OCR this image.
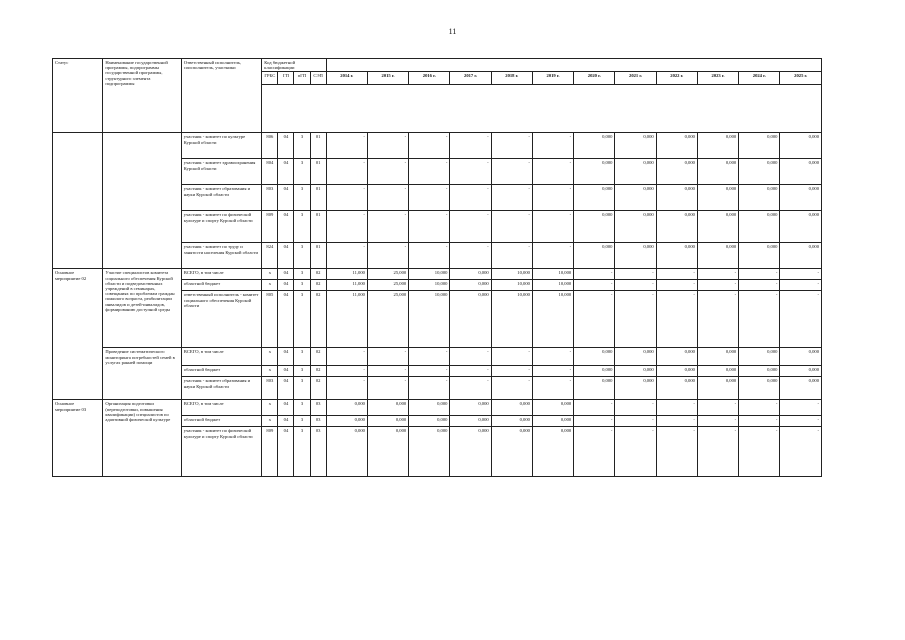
11
Статус	Наименование государственной программы, подпрограммы государственной программы, структурного элемента подпрограммы	Ответственный исполнитель, соисполнитель, участники	Код бюджетной классификации															
			ГРБС	ГП	пГП	СЭП	2014 г.	2015 г.	2016 г.	2017 г.	2018 г.	2019 г.	2020 г.	2021 г.	2022 г.	2023 г.	2024 г.	2025 г.

		участник - комитет по культуре Курской области	806	04	3	01	-	-	-	-	-	-	0,000	0,000	0,000	0,000	0,000	0,000
		участник - комитет здравоохранения Курской области	804	04	3	01	-	-	-	-	-	-	0,000	0,000	0,000	0,000	0,000	0,000
		участник - комитет образования и науки Курской области	803	04	3	01	-	-	-	-	-	-	0,000	0,000	0,000	0,000	0,000	0,000
		участник - комитет по физической культуре и спорту Курской области	809	04	3	01	-	-	-	-	-	-	0,000	0,000	0,000	0,000	0,000	0,000
		участник - комитет по труду и занятости населения Курской области	824	04	3	01	-	-	-	-	-	-	0,000	0,000	0,000	0,000	0,000	0,000
Основное мероприятие 02	Участие специалистов комитета социального обеспечения Курской области и подведомственных учреждений в семинарах, совещаниях по проблемам граждан пожилого возраста, реабилитации инвалидов и детей-инвалидов, формированию доступной среды	ВСЕГО, в том числе	х	04	3	02	11,000	25,000	10,000	0,000	10,000	10,000	-	-	-	-	-	-
		областной бюджет	х	04	3	02	11,000	25,000	10,000	0,000	10,000	10,000	-	-	-	-	-	-
		ответственный исполнитель - комитет социального обеспечения Курской области	805	04	3	02	11,000	25,000	10,000	0,000	10,000	10,000	-	-	-	-	-	-
	Проведение систематического мониторинга потребностей семей в услугах ранней помощи	ВСЕГО, в том числе	х	04	3	02	-	-	-	-	-	-	0,000	0,000	0,000	0,000	0,000	0,000
		областной бюджет	х	04	3	02	-	-	-	-	-	-	0,000	0,000	0,000	0,000	0,000	0,000
		участник - комитет образования и науки Курской области	803	04	3	02	-	-	-	-	-	-	0,000	0,000	0,000	0,000	0,000	0,000
Основное мероприятие 03	Организация подготовки (переподготовки, повышения квалификации) специалистов по адаптивной физической культуре	ВСЕГО, в том числе	х	04	3	03	0,000	0,000	0,000	0,000	0,000	0,000	-	-	-	-	-	-
		областной бюджет	х	04	3	03	0,000	0,000	0,000	0,000	0,000	0,000	-	-	-	-	-	-
		участник - комитет по физической культуре и спорту Курской области	809	04	3	03	0,000	0,000	0,000	0,000	0,000	0,000	-	-	-	-	-	-
